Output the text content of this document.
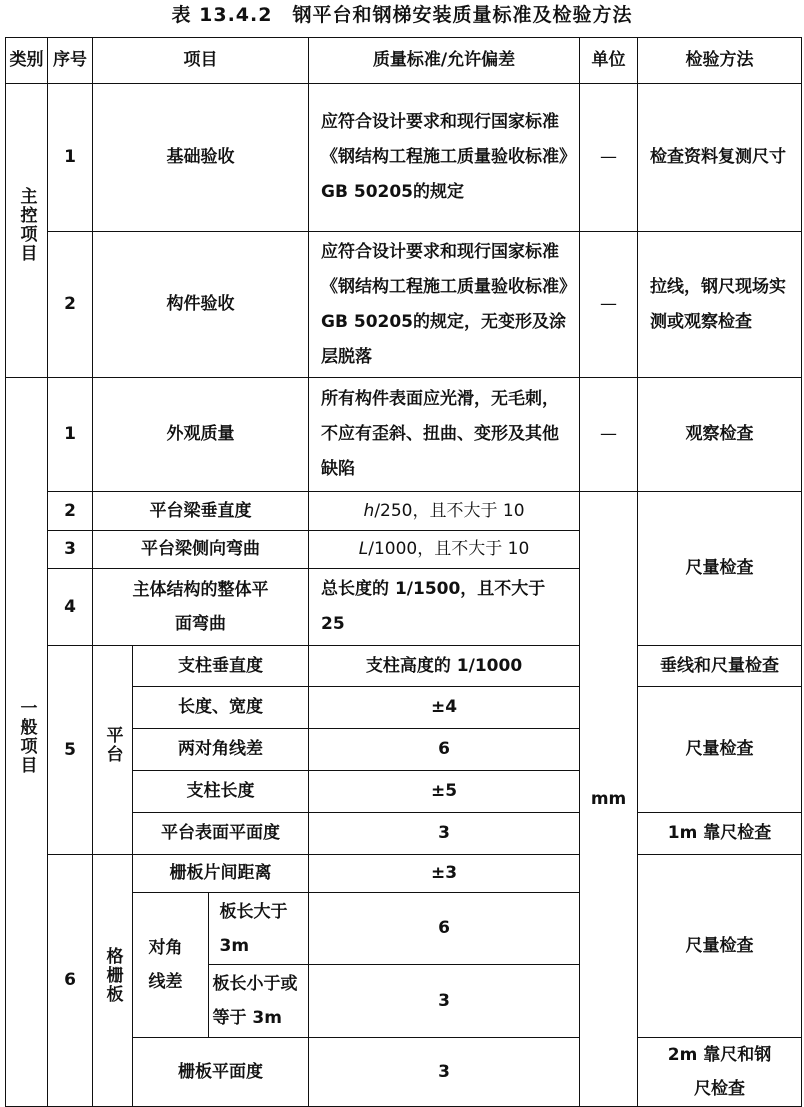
表 13.4.2　钢平台和钢梯安装质量标准及检验方法
类别	序号	项目			质量标准/允许偏差	单位	检验方法
主控项目	1	基础验收			应符合设计要求和现行国家标准《钢结构工程施工质量验收标准》GB 50205的规定	—	检查资料复测尺寸
	2	构件验收			应符合设计要求和现行国家标准《钢结构工程施工质量验收标准》GB 50205的规定，无变形及涂层脱落	—	拉线，钢尺现场实测或观察检查
一般项目	1	外观质量			所有构件表面应光滑，无毛刺，不应有歪斜、扭曲、变形及其他缺陷	—	观察检查
	2	平台梁垂直度			h/250，且不大于 10	mm	尺量检查
	3	平台梁侧向弯曲			L/1000，且不大于 10		
	4	主体结构的整体平面弯曲			总长度的 1/1500，且不大于 25		
	5	平台	支柱垂直度		支柱高度的 1/1000		垂线和尺量检查
			长度、宽度		±4		尺量检查
			两对角线差		6		
			支柱长度		±5		
			平台表面平面度		3		1m 靠尺检查
	6	格栅板	栅板片间距离		±3		尺量检查
			对角线差	板长大于 3m	6		
				板长小于或等于 3m	3		
			栅板平面度		3		2m 靠尺和钢尺检查
